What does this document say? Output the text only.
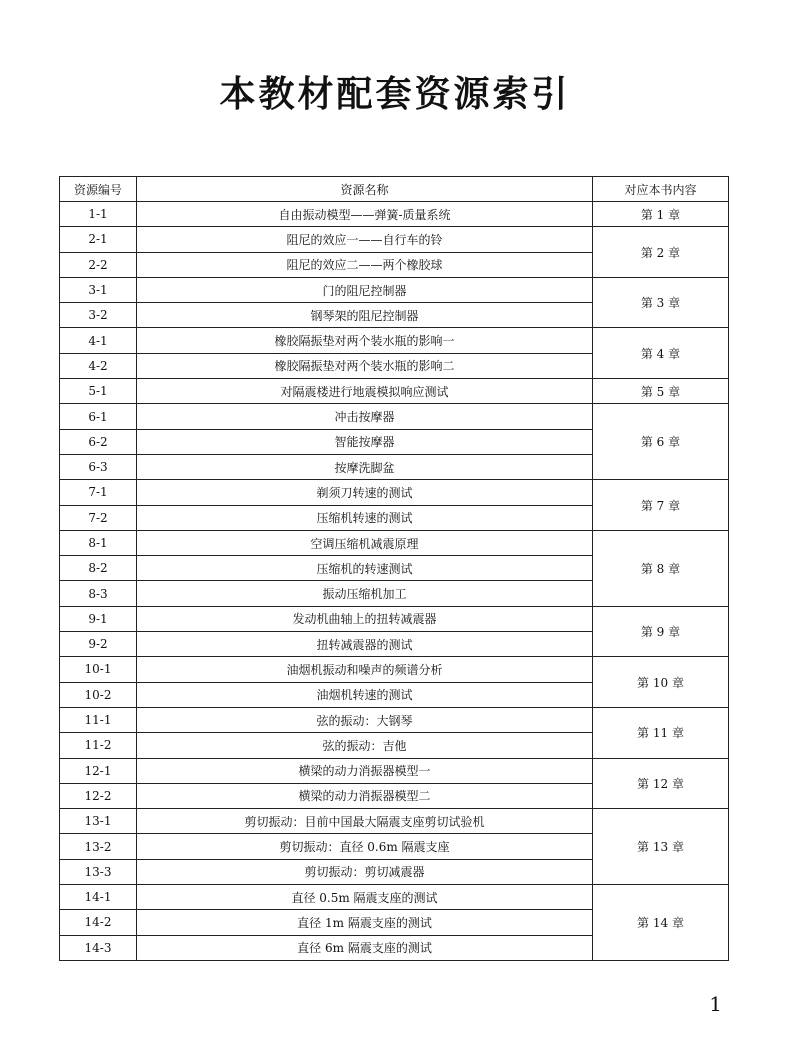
本教材配套资源索引
资源编号	资源名称	对应本书内容
1-1	自由振动模型——弹簧-质量系统	第 1 章
2-1	阻尼的效应一——自行车的铃	第 2 章
2-2	阻尼的效应二——两个橡胶球	
3-1	门的阻尼控制器	第 3 章
3-2	钢琴架的阻尼控制器	
4-1	橡胶隔振垫对两个装水瓶的影响一	第 4 章
4-2	橡胶隔振垫对两个装水瓶的影响二	
5-1	对隔震楼进行地震模拟响应测试	第 5 章
6-1	冲击按摩器	第 6 章
6-2	智能按摩器	
6-3	按摩洗脚盆	
7-1	剃须刀转速的测试	第 7 章
7-2	压缩机转速的测试	
8-1	空调压缩机减震原理	第 8 章
8-2	压缩机的转速测试	
8-3	振动压缩机加工	
9-1	发动机曲轴上的扭转减震器	第 9 章
9-2	扭转减震器的测试	
10-1	油烟机振动和噪声的频谱分析	第 10 章
10-2	油烟机转速的测试	
11-1	弦的振动：大钢琴	第 11 章
11-2	弦的振动：吉他	
12-1	横梁的动力消振器模型一	第 12 章
12-2	横梁的动力消振器模型二	
13-1	剪切振动：目前中国最大隔震支座剪切试验机	第 13 章
13-2	剪切振动：直径 0.6m 隔震支座	
13-3	剪切振动：剪切减震器	
14-1	直径 0.5m 隔震支座的测试	第 14 章
14-2	直径 1m 隔震支座的测试	
14-3	直径 6m 隔震支座的测试	
1
